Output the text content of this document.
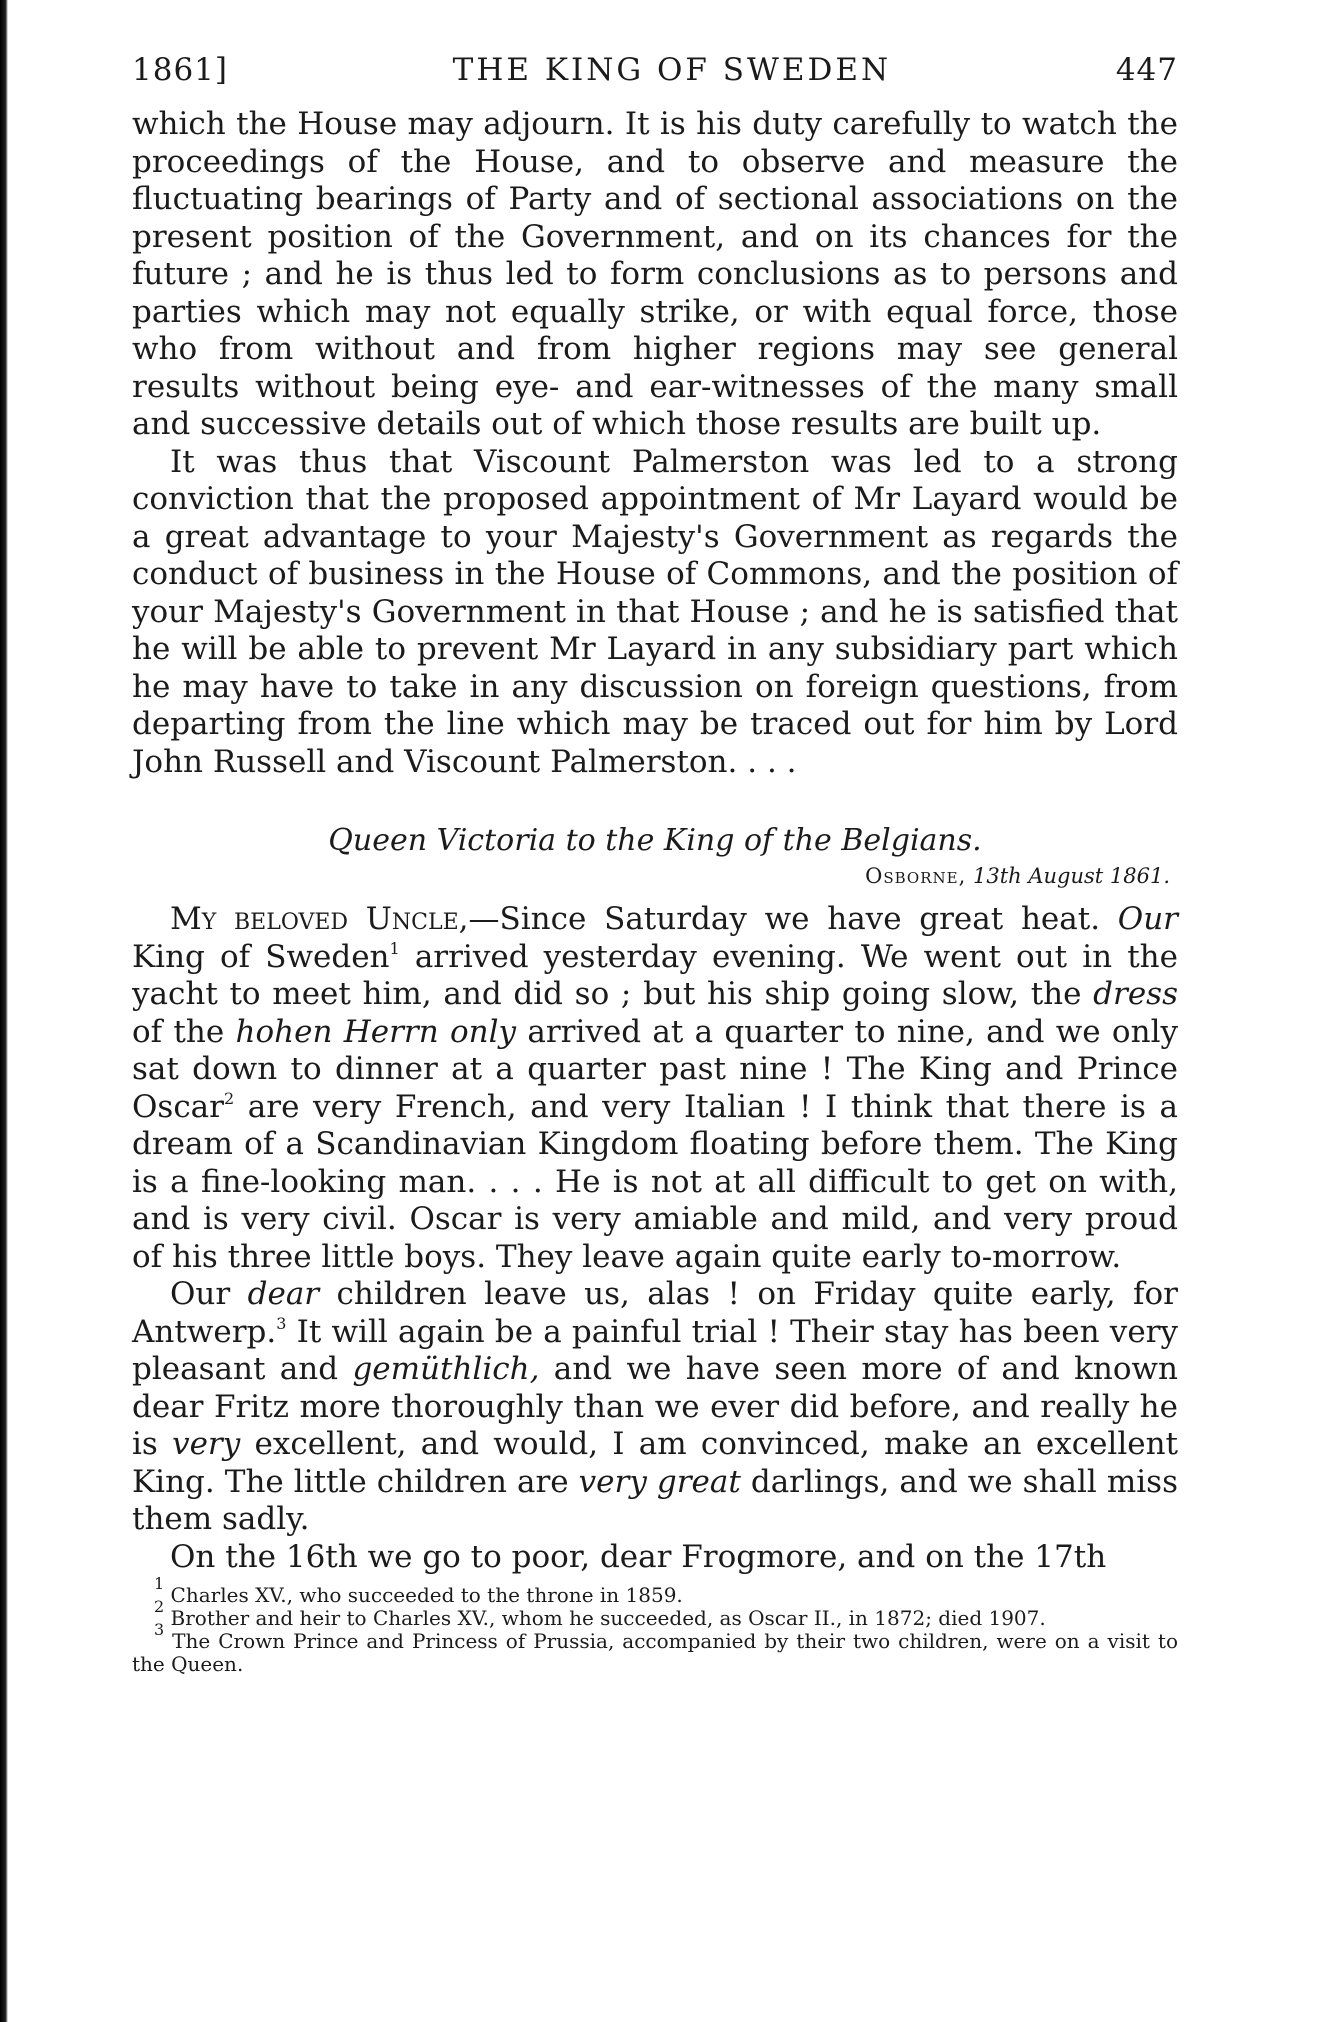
1861]	THE KING OF SWEDEN	447

which the House may adjourn. It is his duty carefully to watch the proceedings of the House, and to observe and measure the fluctuating bearings of Party and of sectional associations on the present position of the Government, and on its chances for the future ; and he is thus led to form conclusions as to persons and parties which may not equally strike, or with equal force, those who from without and from higher regions may see general results without being eye- and ear-witnesses of the many small and successive details out of which those results are built up.

It was thus that Viscount Palmerston was led to a strong conviction that the proposed appointment of Mr Layard would be a great advantage to your Majesty's Government as regards the conduct of business in the House of Commons, and the position of your Majesty's Government in that House ; and he is satisfied that he will be able to prevent Mr Layard in any subsidiary part which he may have to take in any discussion on foreign questions, from departing from the line which may be traced out for him by Lord John Russell and Viscount Palmerston. . . .

Queen Victoria to the King of the Belgians.
Osborne, 13th August 1861.

My beloved Uncle,—Since Saturday we have great heat. Our King of Sweden$^1$ arrived yesterday evening. We went out in the yacht to meet him, and did so ; but his ship going slow, the dress of the hohen Herrn only arrived at a quarter to nine, and we only sat down to dinner at a quarter past nine ! The King and Prince Oscar$^2$ are very French, and very Italian ! I think that there is a dream of a Scandinavian Kingdom floating before them. The King is a fine-looking man. . . . He is not at all difficult to get on with, and is very civil. Oscar is very amiable and mild, and very proud of his three little boys. They leave again quite early to-morrow.

Our dear children leave us, alas ! on Friday quite early, for Antwerp.$^3$ It will again be a painful trial ! Their stay has been very pleasant and gemüthlich, and we have seen more of and known dear Fritz more thoroughly than we ever did before, and really he is very excellent, and would, I am convinced, make an excellent King. The little children are very great darlings, and we shall miss them sadly.

On the 16th we go to poor, dear Frogmore, and on the 17th

$^1$ Charles XV., who succeeded to the throne in 1859.

$^2$ Brother and heir to Charles XV., whom he succeeded, as Oscar II., in 1872; died 1907.

$^3$ The Crown Prince and Princess of Prussia, accompanied by their two children, were on a visit to the Queen.
